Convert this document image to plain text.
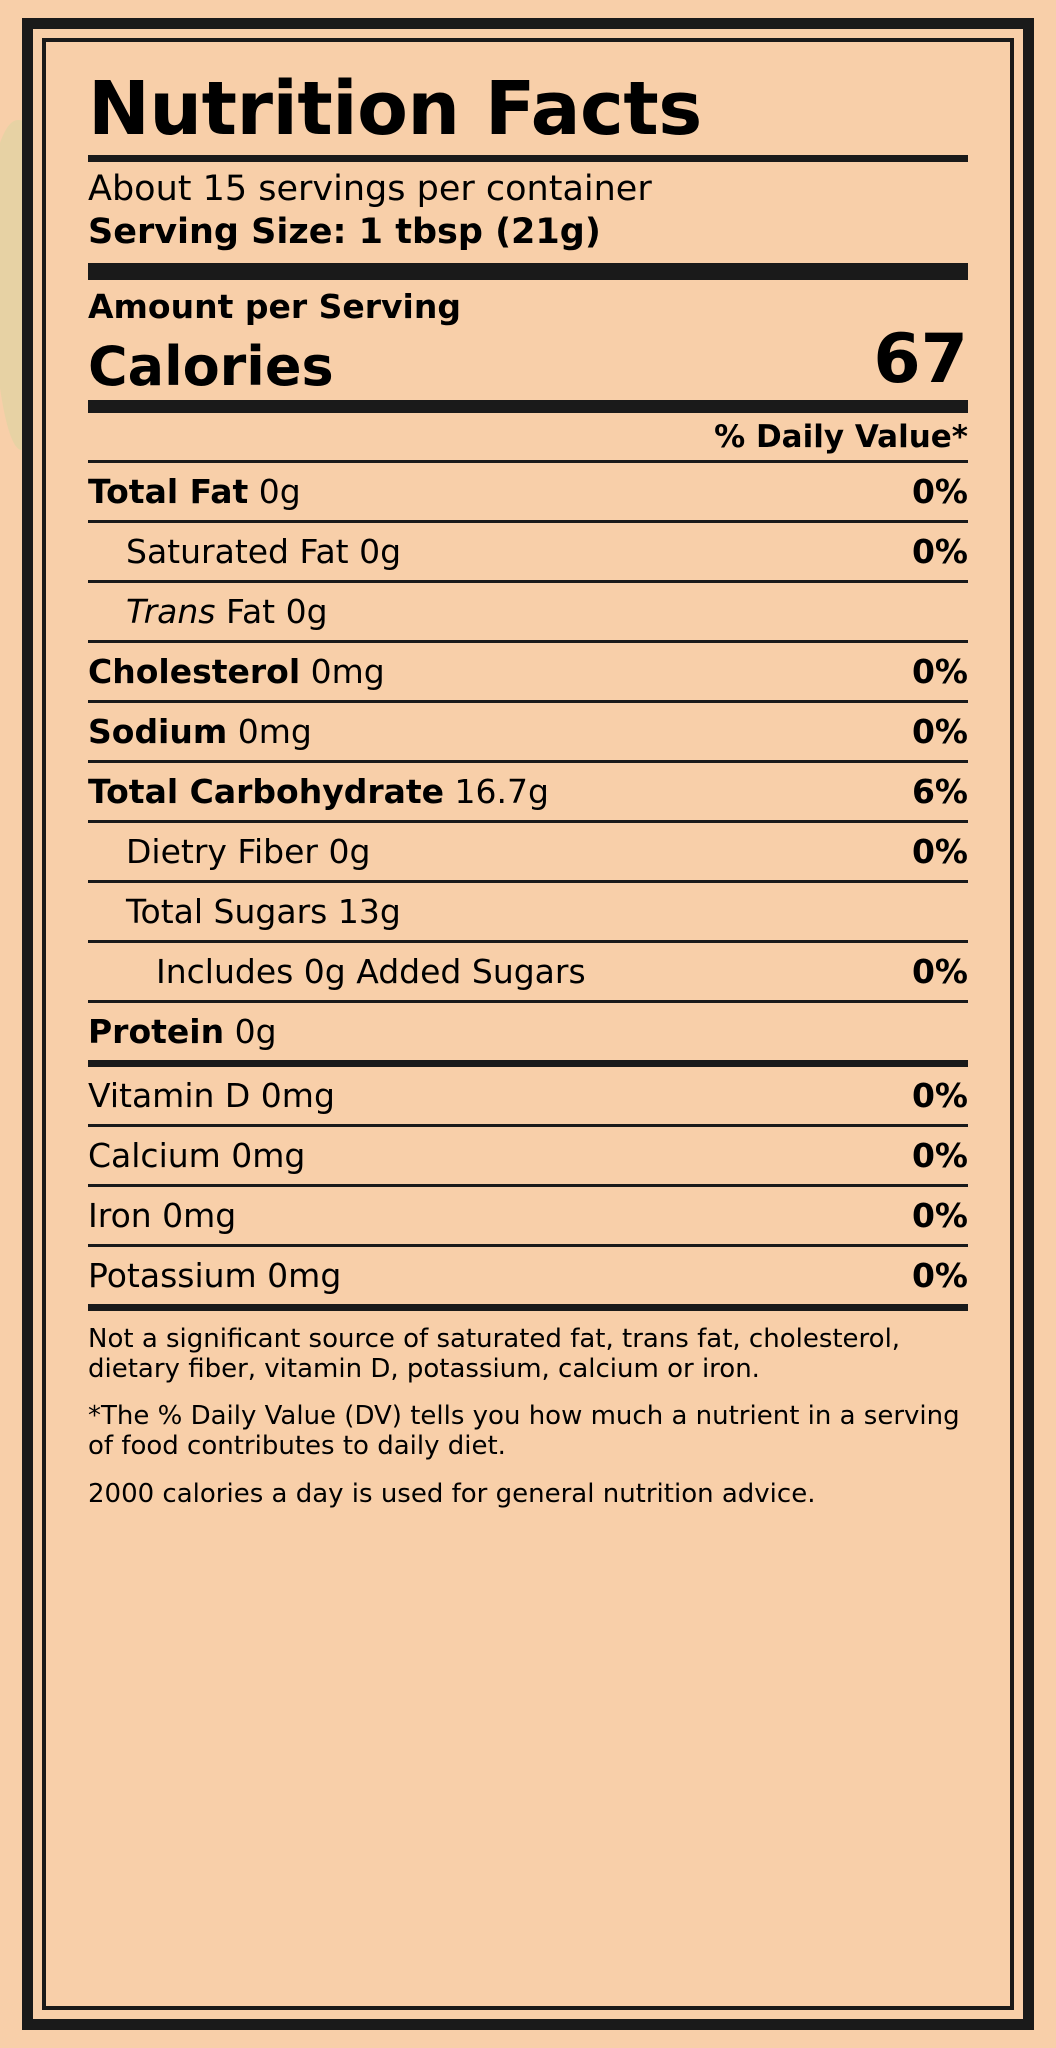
Nutrition Facts
About 15 servings per container
Serving Size: 1 tbsp (21g)
Amount per Serving
Calories	67
% Daily Value*
Total Fat 0g	0%
Saturated Fat 0g	0%
Trans Fat 0g
Cholesterol 0mg	0%
Sodium 0mg	0%
Total Carbohydrate 16.7g	6%
Dietry Fiber 0g	0%
Total Sugars 13g
Includes 0g Added Sugars	0%
Protein 0g
Vitamin D 0mg	0%
Calcium 0mg	0%
Iron 0mg	0%
Potassium 0mg	0%

Not a significant source of saturated fat, trans fat, cholesterol, dietary fiber, vitamin D, potassium, calcium or iron.

*The % Daily Value (DV) tells you how much a nutrient in a serving of food contributes to daily diet.

2000 calories a day is used for general nutrition advice.
